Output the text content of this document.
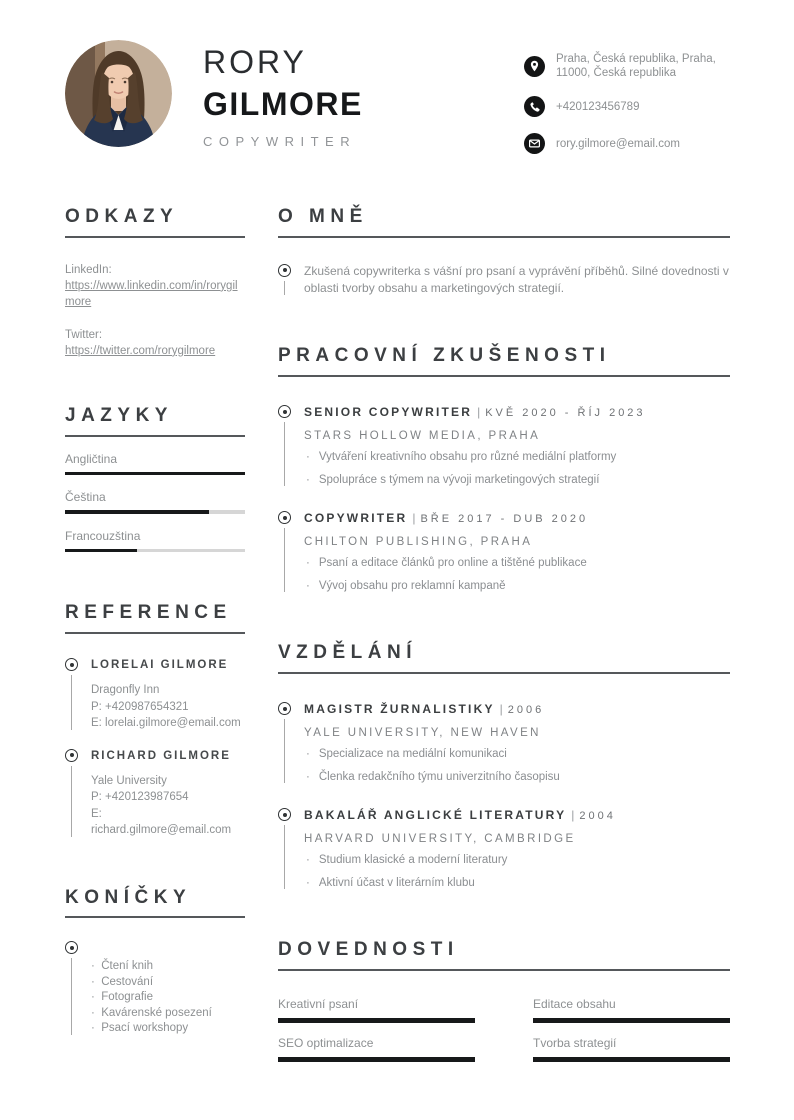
RORY
GILMORE
COPYWRITER
Praha, Česká republika, Praha, 11000, Česká republika
+420123456789
rory.gilmore@email.com
ODKAZY
LinkedIn:
https://www.linkedin.com/in/rorygilmore
Twitter:
https://twitter.com/rorygilmore
JAZYKY
Angličtina
Čeština
Francouzština
REFERENCE
LORELAI GILMORE
Dragonfly Inn
P: +420987654321
E: lorelai.gilmore@email.com
RICHARD GILMORE
Yale University
P: +420123987654
E: richard.gilmore@email.com
KONÍČKY
·  Čtení knih
·  Cestování
·  Fotografie
·  Kavárenské posezení
·  Psací workshopy
O MNĚ

Zkušená copywriterka s vášní pro psaní a vyprávění příběhů. Silné dovednosti v oblasti tvorby obsahu a marketingových strategií.

PRACOVNÍ ZKUŠENOSTI
SENIOR COPYWRITER | KVĚ 2020 - ŘÍJ 2023
STARS HOLLOW MEDIA, PRAHA
· Vytváření kreativního obsahu pro různé mediální platformy
· Spolupráce s týmem na vývoji marketingových strategií
COPYWRITER | BŘE 2017 - DUB 2020
CHILTON PUBLISHING, PRAHA
· Psaní a editace článků pro online a tištěné publikace
· Vývoj obsahu pro reklamní kampaně
VZDĚLÁNÍ
MAGISTR ŽURNALISTIKY | 2006
YALE UNIVERSITY, NEW HAVEN
· Specializace na mediální komunikaci
· Členka redakčního týmu univerzitního časopisu
BAKALÁŘ ANGLICKÉ LITERATURY | 2004
HARVARD UNIVERSITY, CAMBRIDGE
· Studium klasické a moderní literatury
· Aktivní účast v literárním klubu
DOVEDNOSTI
Kreativní psaní	Editace obsahu
SEO optimalizace	Tvorba strategií
